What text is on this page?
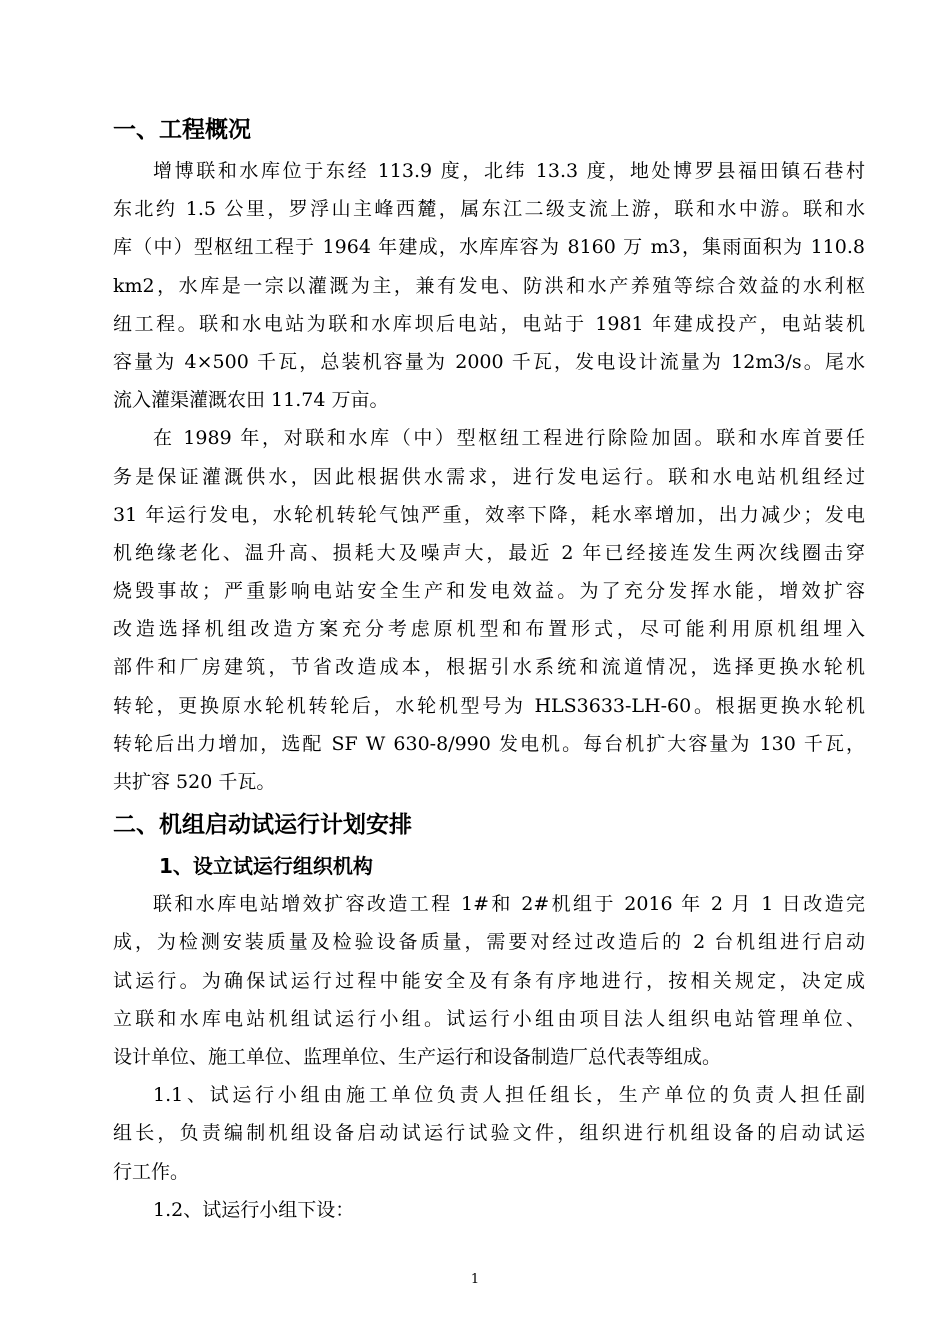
一、工程概况
增博联和水库位于东经 113.9 度，北纬 13.3 度，地处博罗县福田镇石巷村
东北约 1.5 公里，罗浮山主峰西麓，属东江二级支流上游，联和水中游。联和水
库（中）型枢纽工程于 1964 年建成，水库库容为 8160 万 m3，集雨面积为 110.8
km2，水库是一宗以灌溉为主，兼有发电、防洪和水产养殖等综合效益的水利枢
纽工程。联和水电站为联和水库坝后电站，电站于 1981 年建成投产，电站装机
容量为 4×500 千瓦，总装机容量为 2000 千瓦，发电设计流量为 12m3/s。尾水
流入灌渠灌溉农田 11.74 万亩。
在 1989 年，对联和水库（中）型枢纽工程进行除险加固。联和水库首要任
务是保证灌溉供水，因此根据供水需求，进行发电运行。联和水电站机组经过
31 年运行发电，水轮机转轮气蚀严重，效率下降，耗水率增加，出力减少；发电
机绝缘老化、温升高、损耗大及噪声大，最近 2 年已经接连发生两次线圈击穿
烧毁事故；严重影响电站安全生产和发电效益。为了充分发挥水能，增效扩容
改造选择机组改造方案充分考虑原机型和布置形式，尽可能利用原机组埋入
部件和厂房建筑，节省改造成本，根据引水系统和流道情况，选择更换水轮机
转轮，更换原水轮机转轮后，水轮机型号为 HLS3633-LH-60。根据更换水轮机
转轮后出力增加，选配 SF W 630-8/990 发电机。每台机扩大容量为 130 千瓦，
共扩容 520 千瓦。
二、机组启动试运行计划安排
1、设立试运行组织机构
联和水库电站增效扩容改造工程 1#和 2#机组于 2016 年 2 月 1 日改造完
成，为检测安装质量及检验设备质量，需要对经过改造后的 2 台机组进行启动
试运行。为确保试运行过程中能安全及有条有序地进行，按相关规定，决定成
立联和水库电站机组试运行小组。试运行小组由项目法人组织电站管理单位、
设计单位、施工单位、监理单位、生产运行和设备制造厂总代表等组成。
1.1、试运行小组由施工单位负责人担任组长，生产单位的负责人担任副
组长，负责编制机组设备启动试运行试验文件，组织进行机组设备的启动试运
行工作。
1.2、试运行小组下设：
1
